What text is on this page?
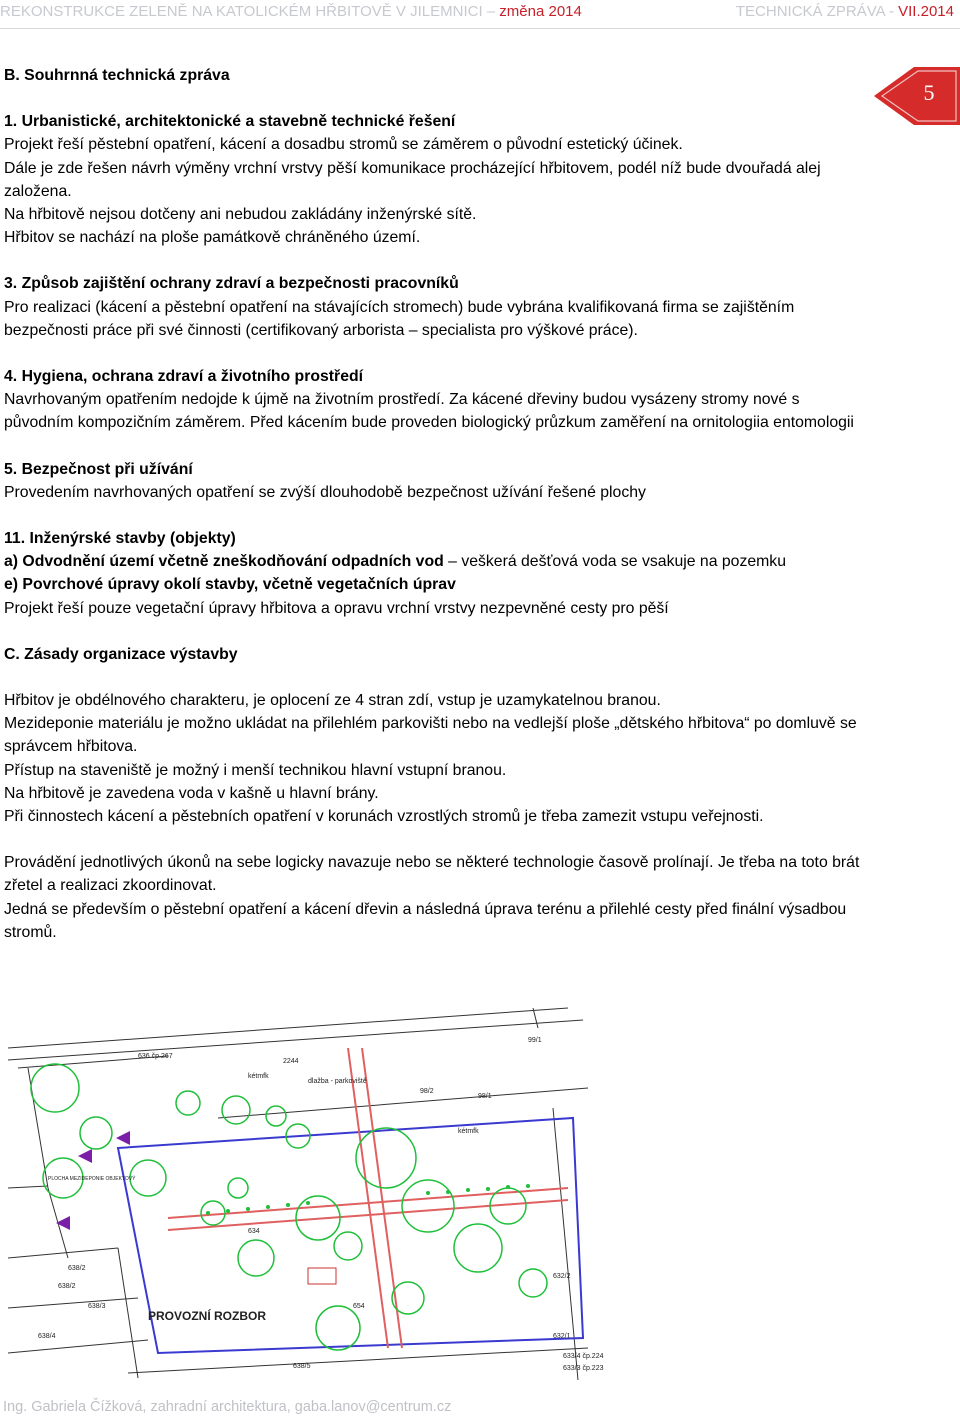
REKONSTRUKCE ZELENĚ NA KATOLICKÉM HŘBITOVĚ V JILEMNICI – změna 2014	TECHNICKÁ ZPRÁVA - VII.2014
5

B. Souhrnná technická zpráva

1. Urbanistické, architektonické a stavebně technické řešení

Projekt řeší pěstební opatření, kácení a dosadbu stromů se záměrem o původní estetický účinek.

Dále je zde řešen návrh výměny vrchní vrstvy pěší komunikace procházející hřbitovem, podél níž bude dvouřadá alej založena.

Na hřbitově nejsou dotčeny ani nebudou zakládány inženýrské sítě.

Hřbitov se nachází na ploše památkově chráněného území.

3. Způsob zajištění ochrany zdraví a bezpečnosti pracovníků

Pro realizaci (kácení a pěstební opatření na stávajících stromech) bude vybrána kvalifikovaná firma se zajištěním bezpečnosti práce při své činnosti (certifikovaný arborista – specialista pro výškové práce).

4. Hygiena, ochrana zdraví a životního prostředí

Navrhovaným opatřením nedojde k újmě na životním prostředí. Za kácené dřeviny budou vysázeny stromy nové s původním kompozičním záměrem. Před kácením bude proveden biologický průzkum zaměření na ornitologiia entomologii

5. Bezpečnost při užívání

Provedením navrhovaných opatření se zvýší dlouhodobě bezpečnost užívání řešené plochy

11. Inženýrské stavby (objekty)

a) Odvodnění území včetně zneškodňování odpadních vod – veškerá dešťová voda se vsakuje na pozemku

e) Povrchové úpravy okolí stavby, včetně vegetačních úprav

Projekt řeší pouze vegetační úpravy hřbitova a opravu vrchní vrstvy nezpevněné cesty pro pěší

C. Zásady organizace výstavby

Hřbitov je obdélnového charakteru, je oplocení ze 4 stran zdí, vstup je uzamykatelnou branou.

Mezideponie materiálu je možno ukládat na přilehlém parkovišti nebo na vedlejší ploše „dětského hřbitova“ po domluvě se správcem hřbitova.

Přístup na staveniště je možný i menší technikou hlavní vstupní branou.

Na hřbitově je zavedena voda v kašně u hlavní brány.

Při činnostech kácení a pěstebních opatření v korunách vzrostlých stromů je třeba zamezit vstupu veřejnosti.

Provádění jednotlivých úkonů na sebe logicky navazuje nebo se některé technologie časově prolínají. Je třeba na toto brát zřetel a realizaci zkoordinovat.

Jedná se především o pěstební opatření a kácení dřevin a následná úprava terénu a přilehlé cesty před finální výsadbou stromů.

99/1
636 čp.267
2244
kétmfk
dlažba - parkoviště
98/2
98/1
kétmfk
634
638/2
638/3
632/2
632/1
654
633/4 čp.224
633/3 čp.223
638/5
638/4
638/2
PLOCHA MEZIDEPONIE OBJEKTOVÝ
PROVOZNÍ ROZBOR
Ing. Gabriela Čížková, zahradní architektura, gaba.lanov@centrum.cz
